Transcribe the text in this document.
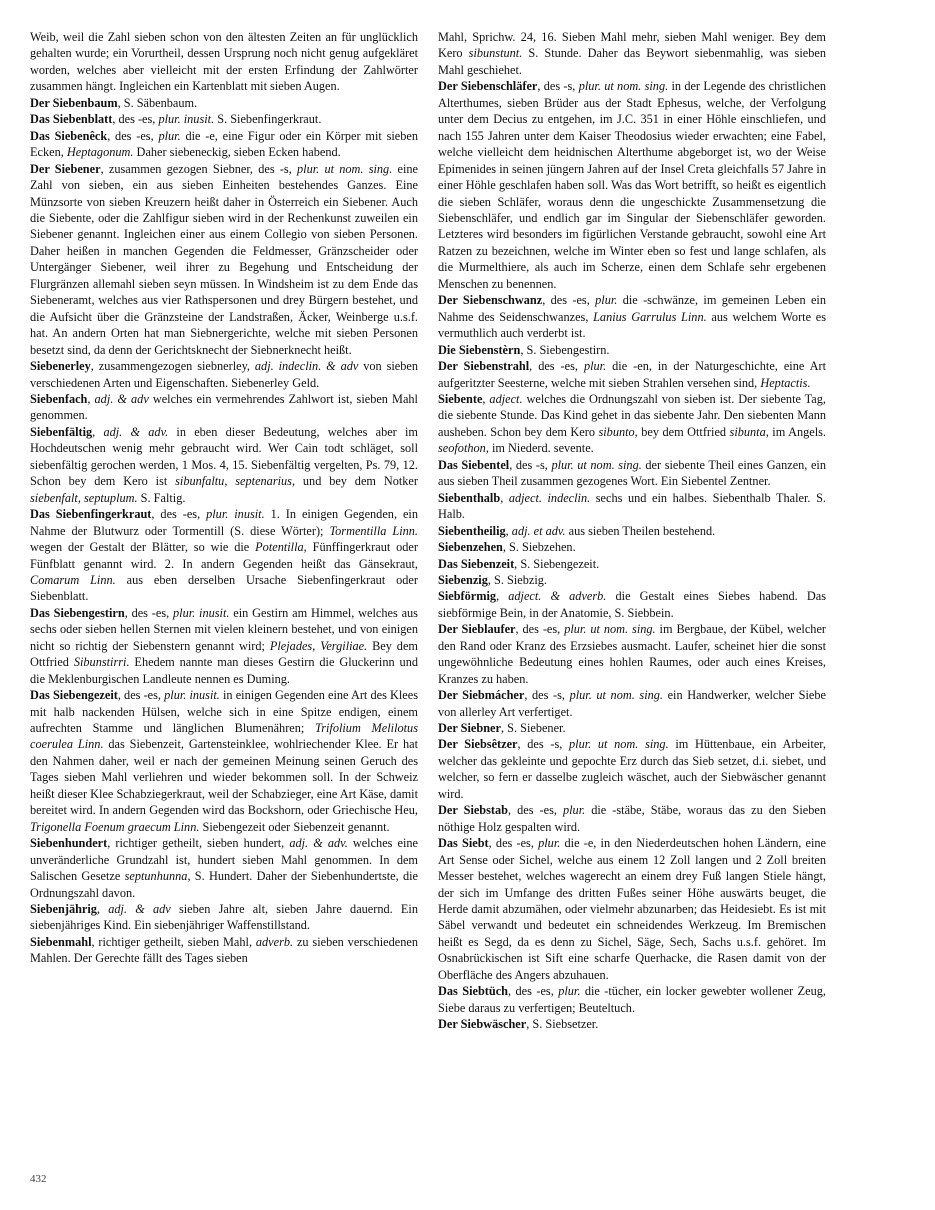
Weib, weil die Zahl sieben schon von den ältesten Zeiten an für unglücklich gehalten wurde; ein Vorurtheil, dessen Ursprung noch nicht genug aufgekläret worden, welches aber vielleicht mit der ersten Erfindung der Zahlwörter zusammen hängt. Ingleichen ein Kartenblatt mit sieben Augen.

Der Siebenbaum, S. Säbenbaum.

Das Siebenblatt, des -es, plur. inusit. S. Siebenfingerkraut.

Das Siebenêck, des -es, plur. die -e, eine Figur oder ein Körper mit sieben Ecken, Heptagonum. Daher siebeneckig, sieben Ecken habend.

Der Siebener, zusammen gezogen Siebner, des -s, plur. ut nom. sing. eine Zahl von sieben, ein aus sieben Einheiten bestehendes Ganzes. Eine Münzsorte von sieben Kreuzern heißt daher in Österreich ein Siebener. Auch die Siebente, oder die Zahlfigur sieben wird in der Rechenkunst zuweilen ein Siebener genannt. Ingleichen einer aus einem Collegio von sieben Personen. Daher heißen in manchen Gegenden die Feldmesser, Gränzscheider oder Untergänger Siebener, weil ihrer zu Begehung und Entscheidung der Flurgränzen allemahl sieben seyn müssen. In Windsheim ist zu dem Ende das Siebeneramt, welches aus vier Rathspersonen und drey Bürgern bestehet, und die Aufsicht über die Gränzsteine der Landstraßen, Äcker, Weinberge u.s.f. hat. An andern Orten hat man Siebnergerichte, welche mit sieben Personen besetzt sind, da denn der Gerichtsknecht der Siebnerknecht heißt.

Siebenerley, zusammengezogen siebnerley, adj. indeclin. & adv von sieben verschiedenen Arten und Eigenschaften. Siebenerley Geld.

Siebenfach, adj. & adv welches ein vermehrendes Zahlwort ist, sieben Mahl genommen.

Siebenfältig, adj. & adv. in eben dieser Bedeutung, welches aber im Hochdeutschen wenig mehr gebraucht wird. Wer Cain todt schläget, soll siebenfältig gerochen werden, 1 Mos. 4, 15. Siebenfältig vergelten, Ps. 79, 12. Schon bey dem Kero ist sibunfaltu, septenarius, und bey dem Notker siebenfalt, septuplum. S. Faltig.

Das Siebenfingerkraut, des -es, plur. inusit. 1. In einigen Gegenden, ein Nahme der Blutwurz oder Tormentill (S. diese Wörter); Tormentilla Linn. wegen der Gestalt der Blätter, so wie die Potentilla, Fünffingerkraut oder Fünfblatt genannt wird. 2. In andern Gegenden heißt das Gänsekraut, Comarum Linn. aus eben derselben Ursache Siebenfingerkraut oder Siebenblatt.

Das Siebengestirn, des -es, plur. inusit. ein Gestirn am Himmel, welches aus sechs oder sieben hellen Sternen mit vielen kleinern bestehet, und von einigen nicht so richtig der Siebenstern genannt wird; Plejades, Vergiliae. Bey dem Ottfried Sibunstirri. Ehedem nannte man dieses Gestirn die Gluckerinn und die Meklenburgischen Landleute nennen es Duming.

Das Siebengezeit, des -es, plur. inusit. in einigen Gegenden eine Art des Klees mit halb nackenden Hülsen, welche sich in eine Spitze endigen, einem aufrechten Stamme und länglichen Blumenähren; Trifolium Melilotus coerulea Linn. das Siebenzeit, Gartensteinklee, wohlriechender Klee. Er hat den Nahmen daher, weil er nach der gemeinen Meinung seinen Geruch des Tages sieben Mahl verliehren und wieder bekommen soll. In der Schweiz heißt dieser Klee Schabziegerkraut, weil der Schabzieger, eine Art Käse, damit bereitet wird. In andern Gegenden wird das Bockshorn, oder Griechische Heu, Trigonella Foenum graecum Linn. Siebengezeit oder Siebenzeit genannt.

Siebenhundert, richtiger getheilt, sieben hundert, adj. & adv. welches eine unveränderliche Grundzahl ist, hundert sieben Mahl genommen. In dem Salischen Gesetze septunhunna, S. Hundert. Daher der Siebenhundertste, die Ordnungszahl davon.

Siebenjährig, adj. & adv sieben Jahre alt, sieben Jahre dauernd. Ein siebenjähriges Kind. Ein siebenjähriger Waffenstillstand.

Siebenmahl, richtiger getheilt, sieben Mahl, adverb. zu sieben verschiedenen Mahlen. Der Gerechte fällt des Tages sieben

Mahl, Sprichw. 24, 16. Sieben Mahl mehr, sieben Mahl weniger. Bey dem Kero sibunstunt. S. Stunde. Daher das Beywort siebenmahlig, was sieben Mahl geschiehet.

Der Siebenschläfer, des -s, plur. ut nom. sing. in der Legende des christlichen Alterthumes, sieben Brüder aus der Stadt Ephesus, welche, der Verfolgung unter dem Decius zu entgehen, im J.C. 351 in einer Höhle einschliefen, und nach 155 Jahren unter dem Kaiser Theodosius wieder erwachten; eine Fabel, welche vielleicht dem heidnischen Alterthume abgeborget ist, wo der Weise Epimenides in seinen jüngern Jahren auf der Insel Creta gleichfalls 57 Jahre in einer Höhle geschlafen haben soll. Was das Wort betrifft, so heißt es eigentlich die sieben Schläfer, woraus denn die ungeschickte Zusammensetzung die Siebenschläfer, und endlich gar im Singular der Siebenschläfer geworden. Letzteres wird besonders im figürlichen Verstande gebraucht, sowohl eine Art Ratzen zu bezeichnen, welche im Winter eben so fest und lange schlafen, als die Murmelthiere, als auch im Scherze, einen dem Schlafe sehr ergebenen Menschen zu benennen.

Der Siebenschwanz, des -es, plur. die -schwänze, im gemeinen Leben ein Nahme des Seidenschwanzes, Lanius Garrulus Linn. aus welchem Worte es vermuthlich auch verderbt ist.

Die Siebenstèrn, S. Siebengestirn.

Der Siebenstrahl, des -es, plur. die -en, in der Naturgeschichte, eine Art aufgeritzter Seesterne, welche mit sieben Strahlen versehen sind, Heptactis.

Siebente, adject. welches die Ordnungszahl von sieben ist. Der siebente Tag, die siebente Stunde. Das Kind gehet in das siebente Jahr. Den siebenten Mann ausheben. Schon bey dem Kero sibunto, bey dem Ottfried sibunta, im Angels. seofothon, im Niederd. sevente.

Das Siebentel, des -s, plur. ut nom. sing. der siebente Theil eines Ganzen, ein aus sieben Theil zusammen gezogenes Wort. Ein Siebentel Zentner.

Siebenthalb, adject. indeclin. sechs und ein halbes. Siebenthalb Thaler. S. Halb.

Siebentheilig, adj. et adv. aus sieben Theilen bestehend.

Siebenzehen, S. Siebzehen.

Das Siebenzeit, S. Siebengezeit.

Siebenzig, S. Siebzig.

Siebförmig, adject. & adverb. die Gestalt eines Siebes habend. Das siebförmige Bein, in der Anatomie, S. Siebbein.

Der Sieblaufer, des -es, plur. ut nom. sing. im Bergbaue, der Kübel, welcher den Rand oder Kranz des Erzsiebes ausmacht. Laufer, scheinet hier die sonst ungewöhnliche Bedeutung eines hohlen Raumes, oder auch eines Kreises, Kranzes zu haben.

Der Siebmácher, des -s, plur. ut nom. sing. ein Handwerker, welcher Siebe von allerley Art verfertiget.

Der Siebner, S. Siebener.

Der Siebsêtzer, des -s, plur. ut nom. sing. im Hüttenbaue, ein Arbeiter, welcher das gekleinte und gepochte Erz durch das Sieb setzet, d.i. siebet, und welcher, so fern er dasselbe zugleich wäschet, auch der Siebwäscher genannt wird.

Der Siebstab, des -es, plur. die -stäbe, Stäbe, woraus das zu den Sieben nöthige Holz gespalten wird.

Das Siebt, des -es, plur. die -e, in den Niederdeutschen hohen Ländern, eine Art Sense oder Sichel, welche aus einem 12 Zoll langen und 2 Zoll breiten Messer bestehet, welches wagerecht an einem drey Fuß langen Stiele hängt, der sich im Umfange des dritten Fußes seiner Höhe auswärts beuget, die Herde damit abzumähen, oder vielmehr abzunarben; das Heidesiebt. Es ist mit Säbel verwandt und bedeutet ein schneidendes Werkzeug. Im Bremischen heißt es Segd, da es denn zu Sichel, Säge, Sech, Sachs u.s.f. gehöret. Im Osnabrückischen ist Sift eine scharfe Querhacke, die Rasen damit von der Oberfläche des Angers abzuhauen.

Das Siebtüch, des -es, plur. die -tücher, ein locker gewebter wollener Zeug, Siebe daraus zu verfertigen; Beuteltuch.

Der Siebwäscher, S. Siebsetzer.

432
